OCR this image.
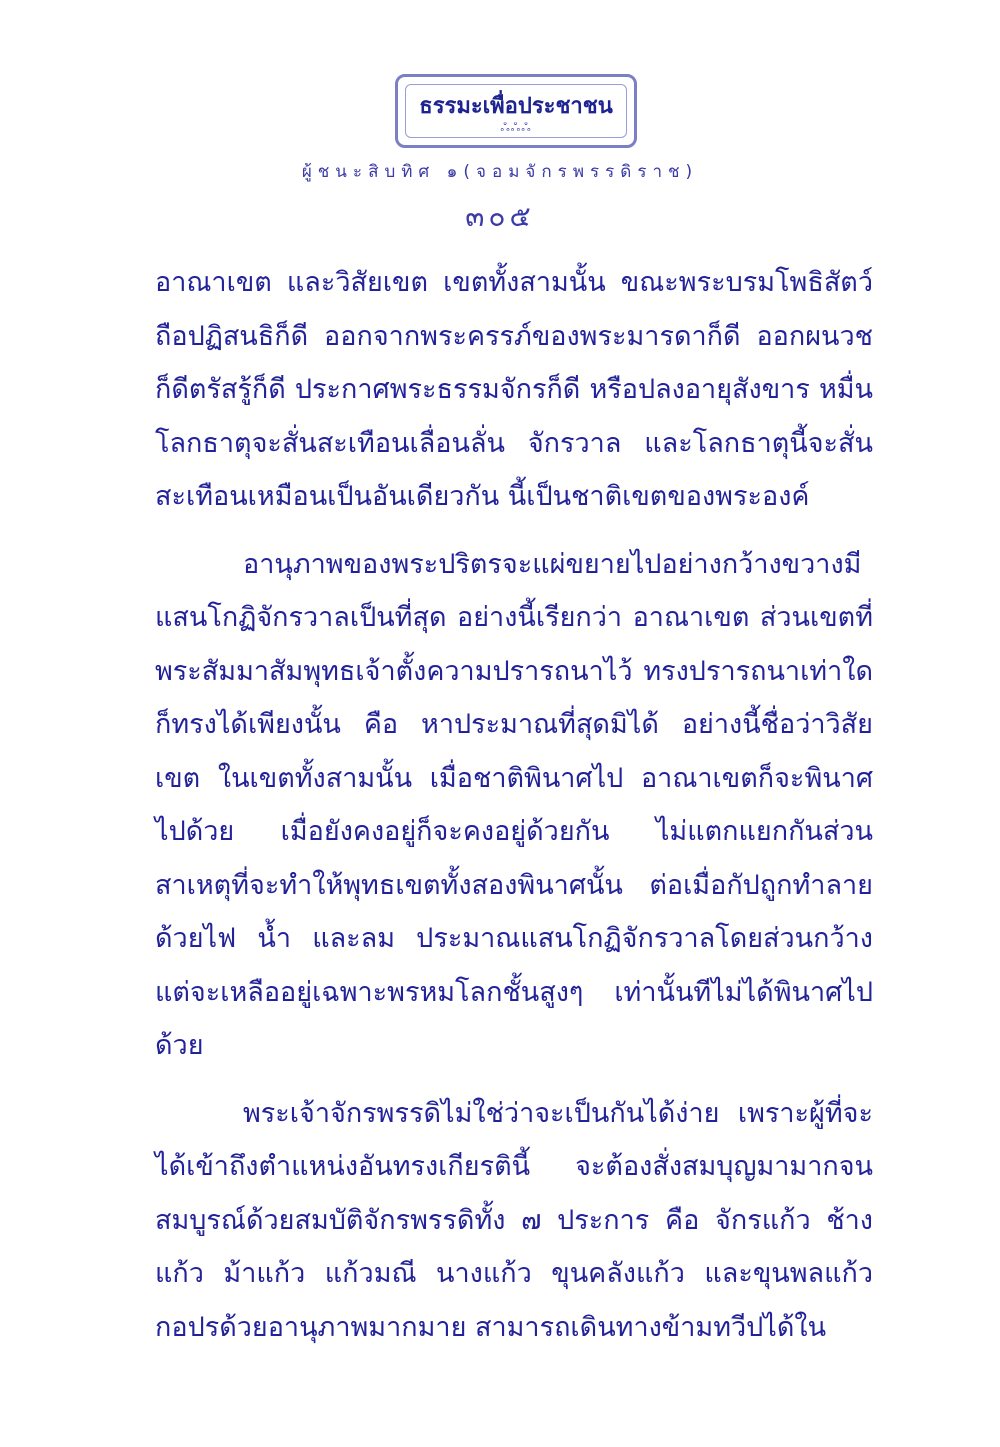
ธรรมะเพื่อประชาชน
ஃஃஃ
ผู้ชนะสิบทิศ ๑(จอมจักรพรรดิราช)
๓๐๕

อาณาเขต และวิสัยเขต เขตทั้งสามนั้น ขณะพระบรมโพธิสัตว์ถือปฏิสนธิก็ดี ออกจากพระครรภ์ของพระมารดาก็ดี ออกผนวชก็ดีตรัสรู้ก็ดี ประกาศพระธรรมจักรก็ดี หรือปลงอายุสังขาร หมื่นโลกธาตุจะสั่นสะเทือนเลื่อนลั่น จักรวาล และโลกธาตุนี้จะสั่นสะเทือนเหมือนเป็นอันเดียวกัน นี้เป็นชาติเขตของพระองค์

อานุภาพของพระปริตรจะแผ่ขยายไปอย่างกว้างขวางมีแสนโกฏิจักรวาลเป็นที่สุด อย่างนี้เรียกว่า อาณาเขต ส่วนเขตที่พระสัมมาสัมพุทธเจ้าตั้งความปรารถนาไว้ ทรงปรารถนาเท่าใดก็ทรงได้เพียงนั้น คือ หาประมาณที่สุดมิได้ อย่างนี้ชื่อว่าวิสัยเขต ในเขตทั้งสามนั้น เมื่อชาติพินาศไป อาณาเขตก็จะพินาศไปด้วย เมื่อยังคงอยู่ก็จะคงอยู่ด้วยกัน ไม่แตกแยกกันส่วนสาเหตุที่จะทำให้พุทธเขตทั้งสองพินาศนั้น ต่อเมื่อกัปถูกทำลายด้วยไฟ น้ำ และลม ประมาณแสนโกฏิจักรวาลโดยส่วนกว้าง แต่จะเหลืออยู่เฉพาะพรหมโลกชั้นสูงๆ เท่านั้นทีไม่ได้พินาศไปด้วย

พระเจ้าจักรพรรดิไม่ใช่ว่าจะเป็นกันได้ง่าย เพราะผู้ที่จะได้เข้าถึงตำแหน่งอันทรงเกียรตินี้ จะต้องสั่งสมบุญมามากจนสมบูรณ์ด้วยสมบัติจักรพรรดิทั้ง ๗ ประการ คือ จักรแก้ว ช้างแก้ว ม้าแก้ว แก้วมณี นางแก้ว ขุนคลังแก้ว และขุนพลแก้วกอปรด้วยอานุภาพมากมาย สามารถเดินทางข้ามทวีปได้ใน
